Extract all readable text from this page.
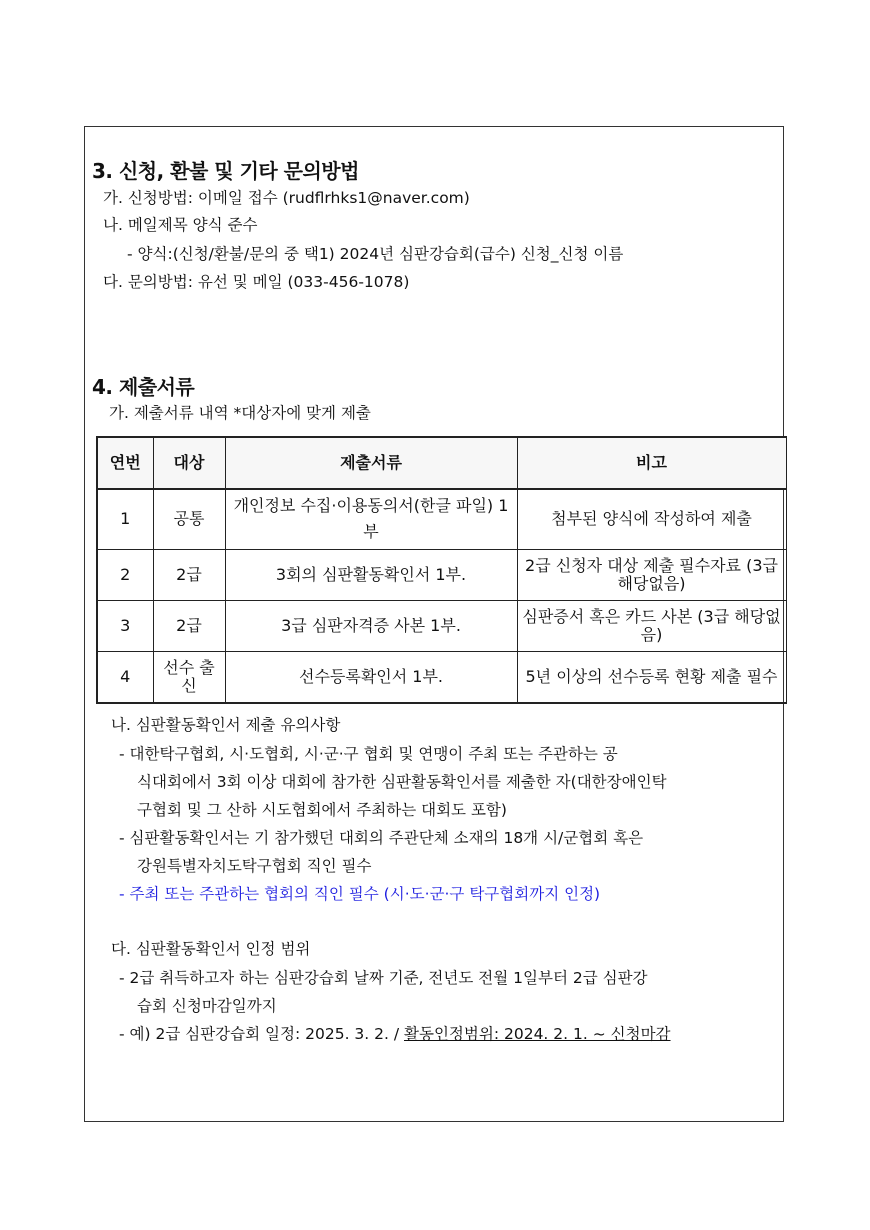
3. 신청, 환불 및 기타 문의방법
가. 신청방법: 이메일 접수 (rudflrhks1@naver.com)
나. 메일제목 양식 준수
- 양식:(신청/환불/문의 중 택1) 2024년 심판강습회(급수) 신청_신청 이름
다. 문의방법: 유선 및 메일 (033-456-1078)
4. 제출서류
가. 제출서류 내역 *대상자에 맞게 제출
연번	대상	제출서류	비고
1	공통	개인정보 수집·이용동의서(한글 파일) 1부	첨부된 양식에 작성하여 제출
2	2급	3회의 심판활동확인서 1부.	2급 신청자 대상 제출 필수자료 (3급 해당없음)
3	2급	3급 심판자격증 사본 1부.	심판증서 혹은 카드 사본 (3급 해당없음)
4	선수 출신	선수등록확인서 1부.	5년 이상의 선수등록 현황 제출 필수
나. 심판활동확인서 제출 유의사항
- 대한탁구협회, 시·도협회, 시·군·구 협회 및 연맹이 주최 또는 주관하는 공
식대회에서 3회 이상 대회에 참가한 심판활동확인서를 제출한 자(대한장애인탁
구협회 및 그 산하 시도협회에서 주최하는 대회도 포함)
- 심판활동확인서는 기 참가했던 대회의 주관단체 소재의 18개 시/군협회 혹은
강원특별자치도탁구협회 직인 필수
- 주최 또는 주관하는 협회의 직인 필수 (시·도·군·구 탁구협회까지 인정)
다. 심판활동확인서 인정 범위
- 2급 취득하고자 하는 심판강습회 날짜 기준, 전년도 전월 1일부터 2급 심판강
습회 신청마감일까지
- 예) 2급 심판강습회 일정: 2025. 3. 2. / 활동인정범위: 2024. 2. 1. ~ 신청마감
